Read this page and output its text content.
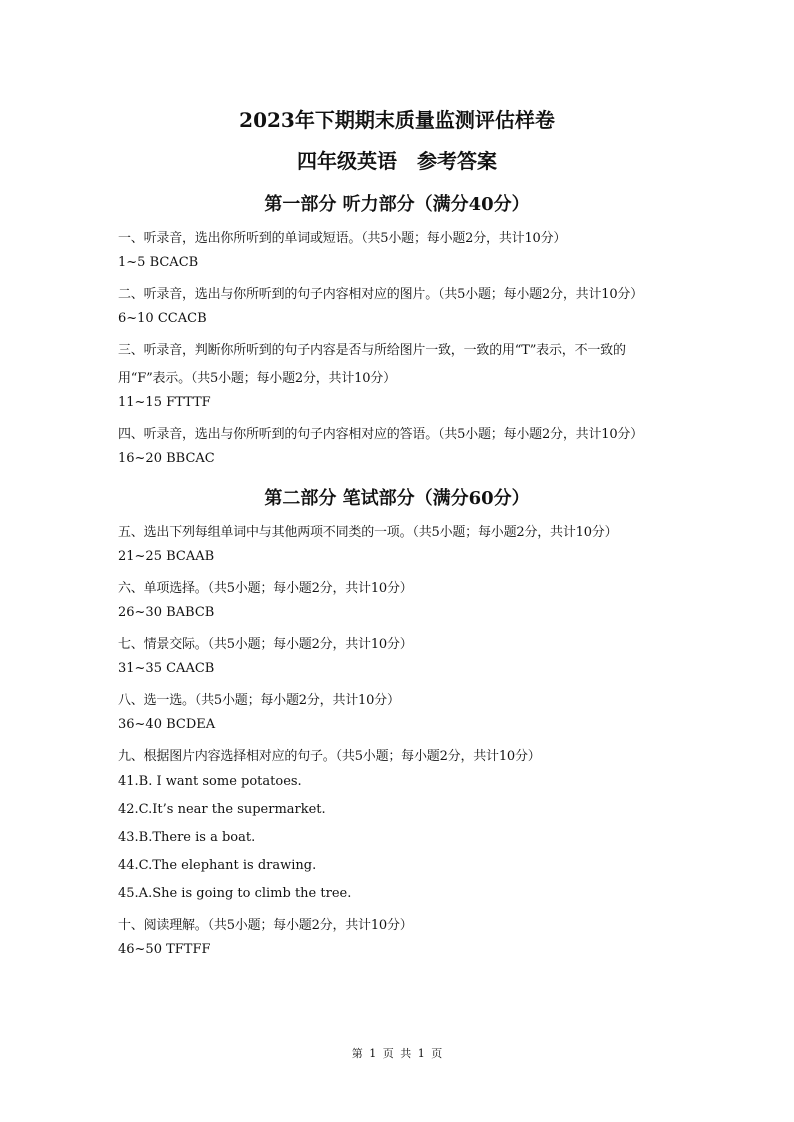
2023年下期期末质量监测评估样卷
四年级英语　参考答案
第一部分 听力部分（满分40分）
一、听录音，选出你所听到的单词或短语。（共5小题；每小题2分，共计10分）
1~5 BCACB
二、听录音，选出与你所听到的句子内容相对应的图片。（共5小题；每小题2分，共计10分）
6~10 CCACB
三、听录音，判断你所听到的句子内容是否与所给图片一致，一致的用“T”表示，不一致的
用“F”表示。（共5小题；每小题2分，共计10分）
11~15 FTTTF
四、听录音，选出与你所听到的句子内容相对应的答语。（共5小题；每小题2分，共计10分）
16~20 BBCAC
第二部分 笔试部分（满分60分）
五、选出下列每组单词中与其他两项不同类的一项。（共5小题；每小题2分，共计10分）
21~25 BCAAB
六、单项选择。（共5小题；每小题2分，共计10分）
26~30 BABCB
七、情景交际。（共5小题；每小题2分，共计10分）
31~35 CAACB
八、选一选。（共5小题；每小题2分，共计10分）
36~40 BCDEA
九、根据图片内容选择相对应的句子。（共5小题；每小题2分，共计10分）
41.B. I want some potatoes.
42.C.It’s near the supermarket.
43.B.There is a boat.
44.C.The elephant is drawing.
45.A.She is going to climb the tree.
十、阅读理解。（共5小题；每小题2分，共计10分）
46~50 TFTFF
第 1 页 共 1 页
